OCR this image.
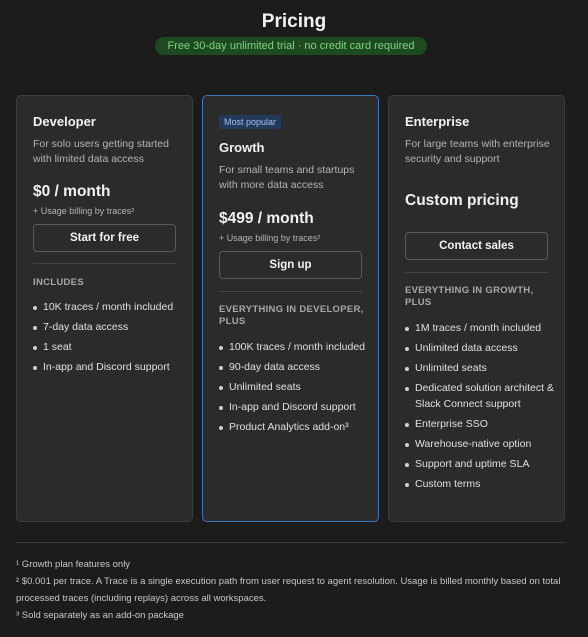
Pricing
Free 30-day unlimited trial · no credit card required
Developer
For solo users getting started with limited data access
$0 / month
+ Usage billing by traces²
Start for free
INCLUDES
10K traces / month included
7-day data access
1 seat
In-app and Discord support
Most popular
Growth
For small teams and startups with more data access
$499 / month
+ Usage billing by traces²
Sign up
EVERYTHING IN DEVELOPER, PLUS
100K traces / month included
90-day data access
Unlimited seats
In-app and Discord support
Product Analytics add-on³
Enterprise
For large teams with enterprise security and support
Custom pricing
Contact sales
EVERYTHING IN GROWTH, PLUS
1M traces / month included
Unlimited data access
Unlimited seats
Dedicated solution architect & Slack Connect support
Enterprise SSO
Warehouse-native option
Support and uptime SLA
Custom terms

¹ Growth plan features only

² $0.001 per trace. A Trace is a single execution path from user request to agent resolution. Usage is billed monthly based on total processed traces (including replays) across all workspaces.

³ Sold separately as an add-on package
